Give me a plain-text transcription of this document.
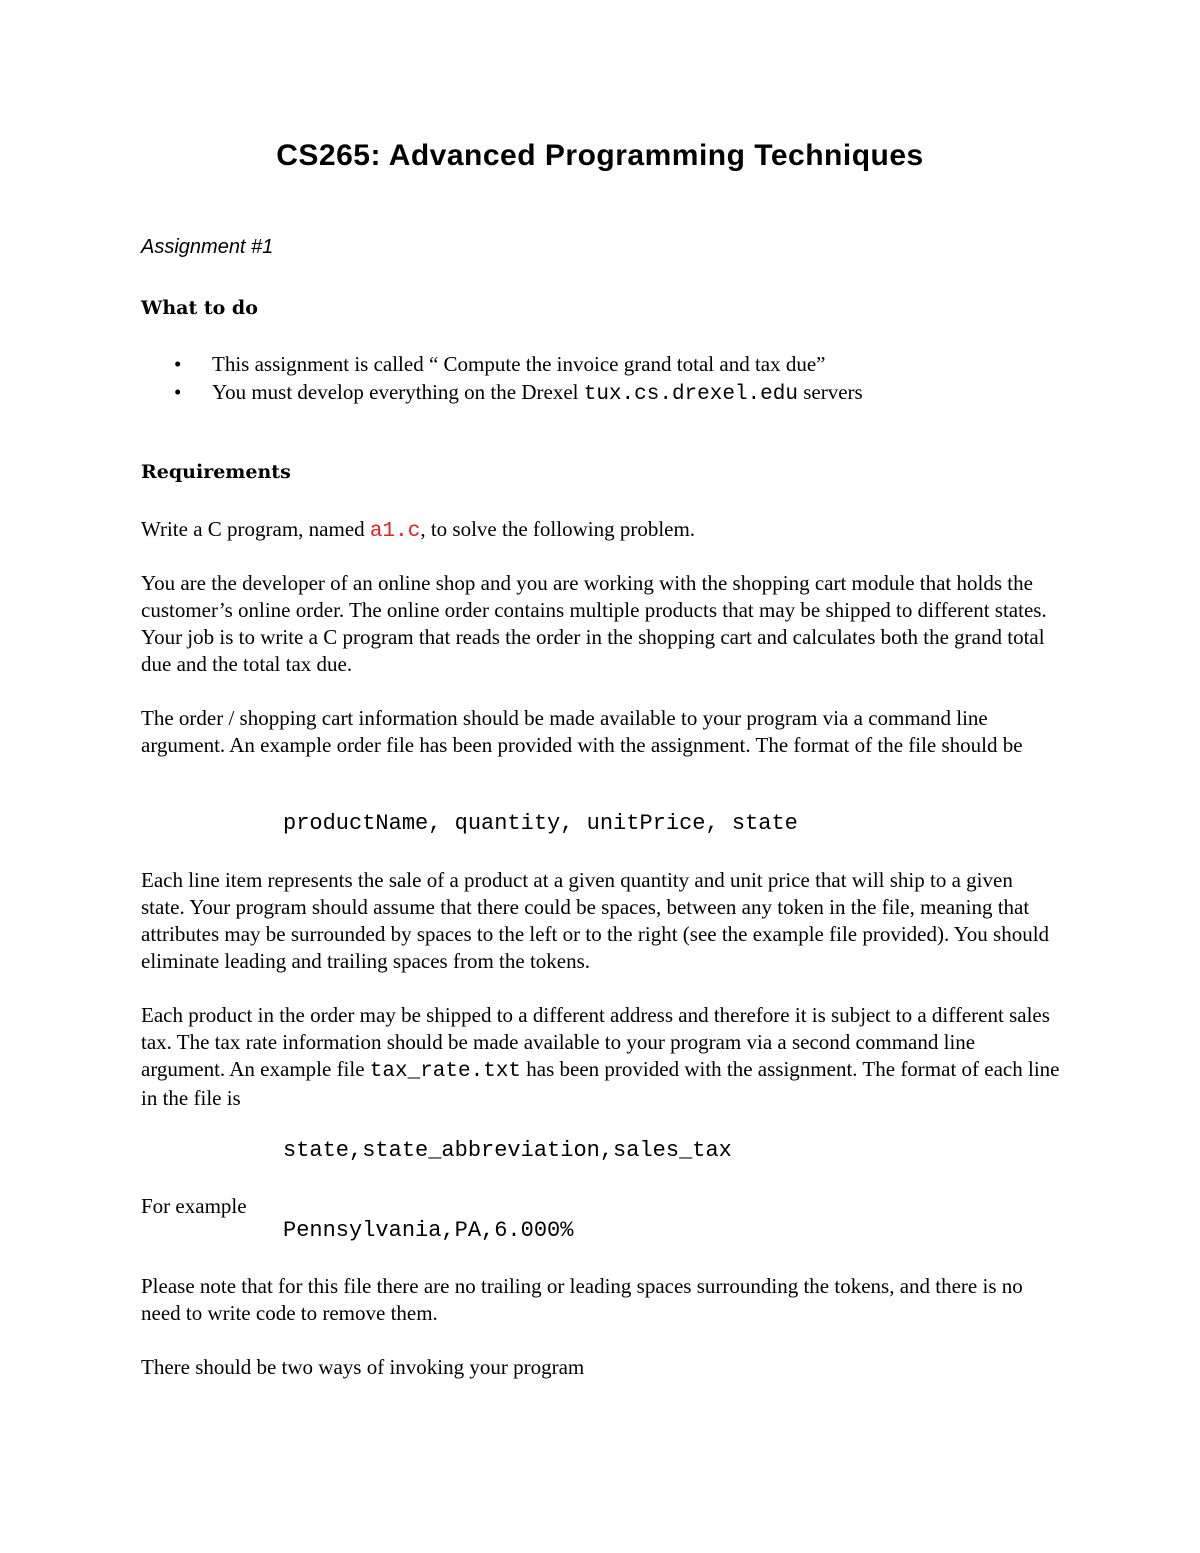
CS265: Advanced Programming Techniques
Assignment #1
What to do
• This assignment is called “ Compute the invoice grand total and tax due”
• You must develop everything on the Drexel tux.cs.drexel.edu servers
Requirements

Write a C program, named a1.c, to solve the following problem.

You are the developer of an online shop and you are working with the shopping cart module that holds the customer’s online order. The online order contains multiple products that may be shipped to different states. Your job is to write a C program that reads the order in the shopping cart and calculates both the grand total due and the total tax due.

The order / shopping cart information should be made available to your program via a command line argument. An example order file has been provided with the assignment. The format of the file should be

productName, quantity, unitPrice, state

Each line item represents the sale of a product at a given quantity and unit price that will ship to a given state. Your program should assume that there could be spaces, between any token in the file, meaning that attributes may be surrounded by spaces to the left or to the right (see the example file provided). You should eliminate leading and trailing spaces from the tokens.

Each product in the order may be shipped to a different address and therefore it is subject to a different sales tax. The tax rate information should be made available to your program via a second command line argument. An example file tax_rate.txt has been provided with the assignment. The format of each line in the file is

state,state_abbreviation,sales_tax

For example

Pennsylvania,PA,6.000%

Please note that for this file there are no trailing or leading spaces surrounding the tokens, and there is no need to write code to remove them.

There should be two ways of invoking your program
